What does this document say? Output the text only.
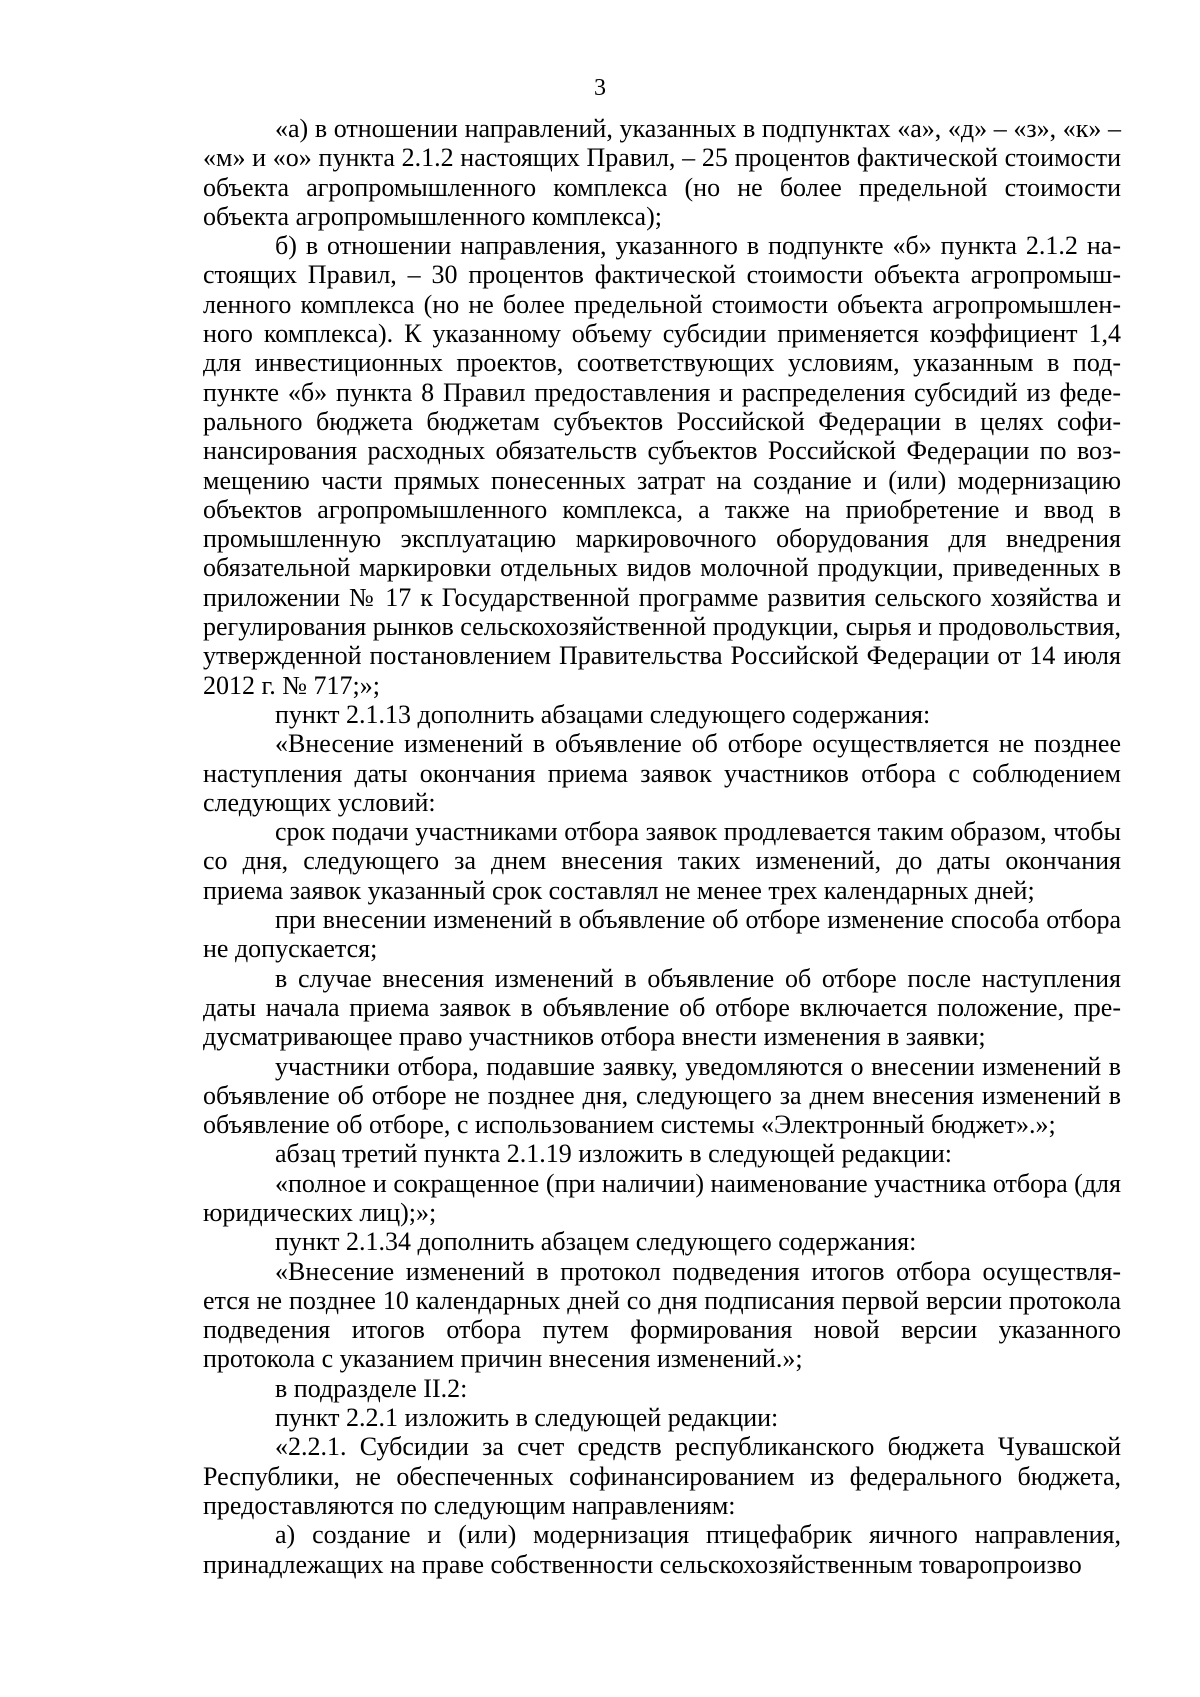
3

«а) в отношении направлений, указанных в подпунктах «а», «д» – «з», «к» – «м» и «о» пункта 2.1.2 настоящих Правил, – 25 процентов фактической стоимости объекта агропромышленного комплекса (но не более предельной стоимости объекта агропромышленного комплекса);

б) в отношении направления, указанного в подпункте «б» пункта 2.1.2 настоящих Правил, – 30 процентов фактической стоимости объекта агропромышленного комплекса (но не более предельной стоимости объекта агропромышленного комплекса). К указанному объему субсидии применяется коэффициент 1,4 для инвестиционных проектов, соответствующих условиям, указанным в подпункте «б» пункта 8 Правил предоставления и распределения субсидий из федерального бюджета бюджетам субъектов Российской Федерации в целях софинансирования расходных обязательств субъектов Российской Федерации по возмещению части прямых понесенных затрат на создание и (или) модернизацию объектов агропромышленного комплекса, а также на приобретение и ввод в промышленную эксплуатацию маркировочного оборудования для внедрения обязательной маркировки отдельных видов молочной продукции, приведенных в приложении № 17 к Государственной программе развития сельского хозяйства и регулирования рынков сельскохозяйственной продукции, сырья и продовольствия, утвержденной постановлением Правительства Российской Федерации от 14 июля 2012 г. № 717;»;

пункт 2.1.13 дополнить абзацами следующего содержания:

«Внесение изменений в объявление об отборе осуществляется не позднее наступления даты окончания приема заявок участников отбора с соблюдением следующих условий:

срок подачи участниками отбора заявок продлевается таким образом, чтобы со дня, следующего за днем внесения таких изменений, до даты окончания приема заявок указанный срок составлял не менее трех календарных дней;

при внесении изменений в объявление об отборе изменение способа отбора не допускается;

в случае внесения изменений в объявление об отборе после наступления даты начала приема заявок в объявление об отборе включается положение, предусматривающее право участников отбора внести изменения в заявки;

участники отбора, подавшие заявку, уведомляются о внесении изменений в объявление об отборе не позднее дня, следующего за днем внесения изменений в объявление об отборе, с использованием системы «Электронный бюджет».»;

абзац третий пункта 2.1.19 изложить в следующей редакции:

«полное и сокращенное (при наличии) наименование участника отбора (для юридических лиц);»;

пункт 2.1.34 дополнить абзацем следующего содержания:

«Внесение изменений в протокол подведения итогов отбора осуществляется не позднее 10 календарных дней со дня подписания первой версии протокола подведения итогов отбора путем формирования новой версии указанного протокола с указанием причин внесения изменений.»;

в подразделе II.2:

пункт 2.2.1 изложить в следующей редакции:

«2.2.1. Субсидии за счет средств республиканского бюджета Чувашской Республики, не обеспеченных софинансированием из федерального бюджета, предоставляются по следующим направлениям:

а) создание и (или) модернизация птицефабрик яичного направления, принадлежащих на праве собственности сельскохозяйственным товаропроизво
